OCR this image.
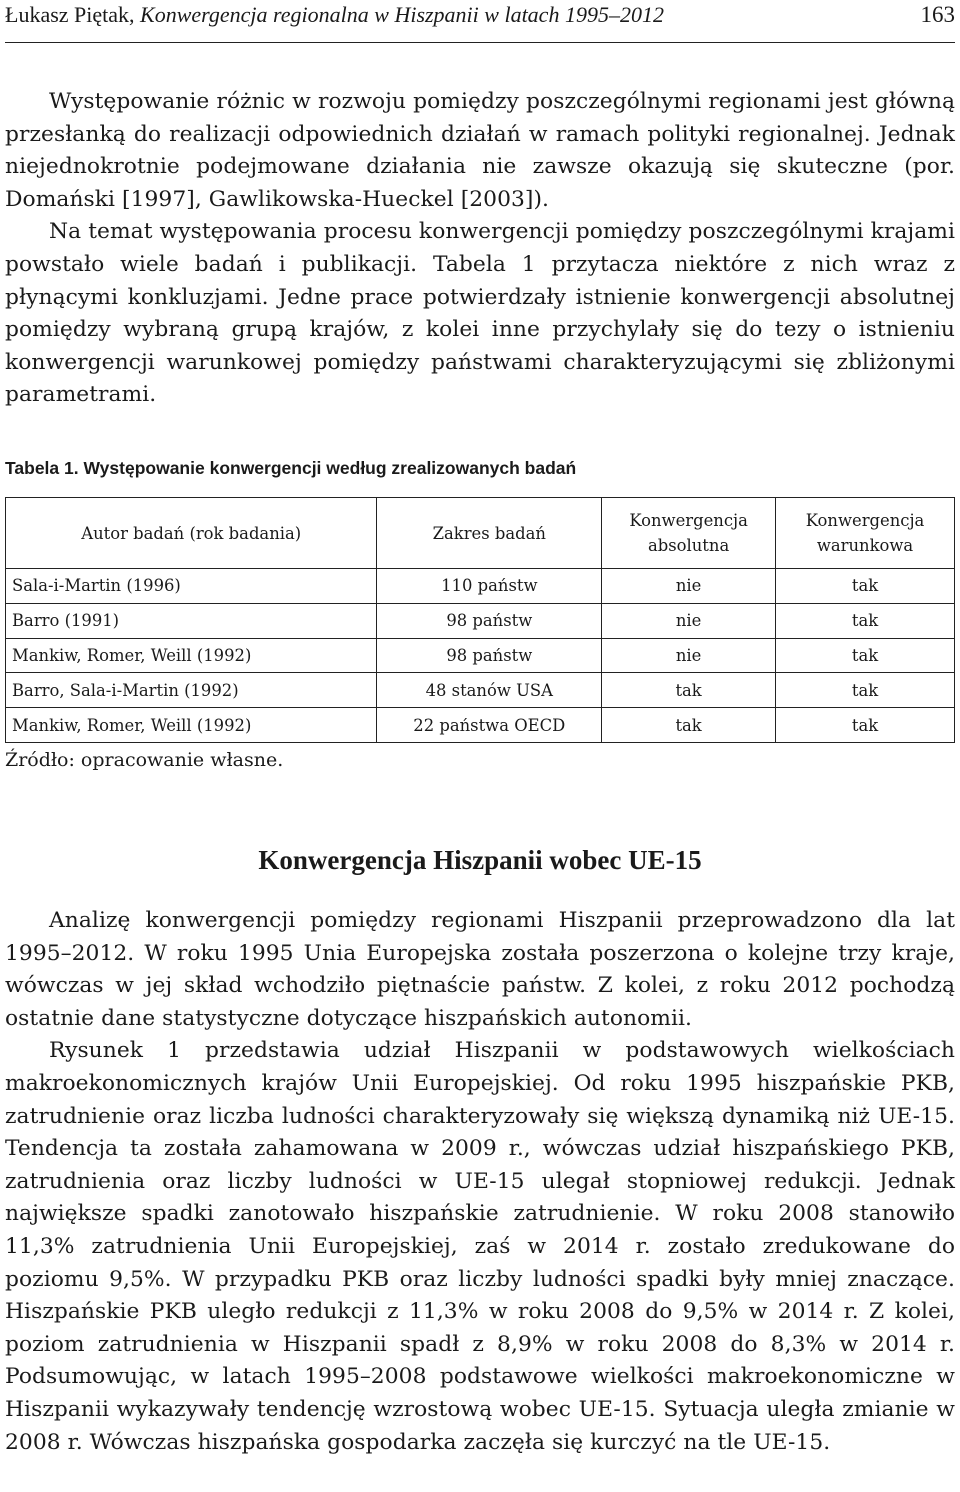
Łukasz Piętak, Konwergencja regionalna w Hiszpanii w latach 1995–2012	163

Występowanie różnic w rozwoju pomiędzy poszczególnymi regionami jest główną przesłanką do realizacji odpowiednich działań w ramach polityki regionalnej. Jednak niejednokrotnie podejmowane działania nie zawsze okazują się skuteczne (por. Domański [1997], Gawlikowska-Hueckel [2003]).

Na temat występowania procesu konwergencji pomiędzy poszczególnymi krajami powstało wiele badań i publikacji. Tabela 1 przytacza niektóre z nich wraz z płynącymi konkluzjami. Jedne prace potwierdzały istnienie konwergencji absolutnej pomiędzy wybraną grupą krajów, z kolei inne przychylały się do tezy o istnieniu konwergencji warunkowej pomiędzy państwami charakteryzującymi się zbliżonymi parametrami.

Tabela 1. Występowanie konwergencji według zrealizowanych badań
Autor badań (rok badania)	Zakres badań	Konwergencja absolutna	Konwergencja warunkowa
Sala-i-Martin (1996)	110 państw	nie	tak
Barro (1991)	98 państw	nie	tak
Mankiw, Romer, Weill (1992)	98 państw	nie	tak
Barro, Sala-i-Martin (1992)	48 stanów USA	tak	tak
Mankiw, Romer, Weill (1992)	22 państwa OECD	tak	tak
Źródło: opracowanie własne.
Konwergencja Hiszpanii wobec UE-15

Analizę konwergencji pomiędzy regionami Hiszpanii przeprowadzono dla lat 1995–2012. W roku 1995 Unia Europejska została poszerzona o kolejne trzy kraje, wówczas w jej skład wchodziło piętnaście państw. Z kolei, z roku 2012 pochodzą ostatnie dane statystyczne dotyczące hiszpańskich autonomii.

Rysunek 1 przedstawia udział Hiszpanii w podstawowych wielkościach makroekonomicznych krajów Unii Europejskiej. Od roku 1995 hiszpańskie PKB, zatrudnienie oraz liczba ludności charakteryzowały się większą dynamiką niż UE-15. Tendencja ta została zahamowana w 2009 r., wówczas udział hiszpańskiego PKB, zatrudnienia oraz liczby ludności w UE-15 ulegał stopniowej redukcji. Jednak największe spadki zanotowało hiszpańskie zatrudnienie. W roku 2008 stanowiło 11,3% zatrudnienia Unii Europejskiej, zaś w 2014 r. zostało zredukowane do poziomu 9,5%. W przypadku PKB oraz liczby ludności spadki były mniej znaczące. Hiszpańskie PKB uległo redukcji z 11,3% w roku 2008 do 9,5% w 2014 r. Z kolei, poziom zatrudnienia w Hiszpanii spadł z 8,9% w roku 2008 do 8,3% w 2014 r. Podsumowując, w latach 1995–2008 podstawowe wielkości makroekonomiczne w Hiszpanii wykazywały tendencję wzrostową wobec UE-15. Sytuacja uległa zmianie w 2008 r. Wówczas hiszpańska gospodarka zaczęła się kurczyć na tle UE-15.
